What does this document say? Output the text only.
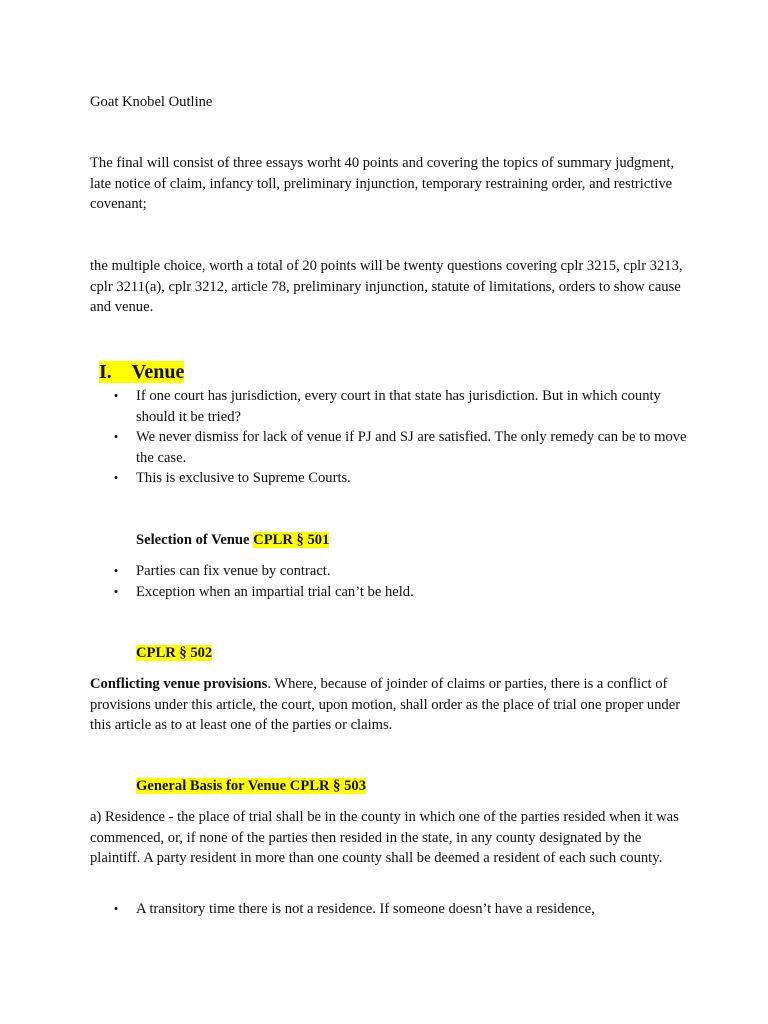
Goat Knobel Outline

The final will consist of three essays worht 40 points and covering the topics of summary judgment, late notice of claim, infancy toll, preliminary injunction, temporary restraining order, and restrictive covenant;

the multiple choice, worth a total of 20 points will be twenty questions covering cplr 3215, cplr 3213, cplr 3211(a), cplr 3212, article 78, preliminary injunction, statute of limitations, orders to show cause and venue.

I. Venue
• If one court has jurisdiction, every court in that state has jurisdiction. But in which county should it be tried?
• We never dismiss for lack of venue if PJ and SJ are satisfied. The only remedy can be to move the case.
• This is exclusive to Supreme Courts.

Selection of Venue CPLR § 501

• Parties can fix venue by contract.
• Exception when an impartial trial can’t be held.

CPLR § 502

Conflicting venue provisions. Where, because of joinder of claims or parties, there is a conflict of provisions under this article, the court, upon motion, shall order as the place of trial one proper under this article as to at least one of the parties or claims.

General Basis for Venue CPLR § 503

a) Residence - the place of trial shall be in the county in which one of the parties resided when it was commenced, or, if none of the parties then resided in the state, in any county designated by the plaintiff. A party resident in more than one county shall be deemed a resident of each such county.

• A transitory time there is not a residence. If someone doesn’t have a residence,
